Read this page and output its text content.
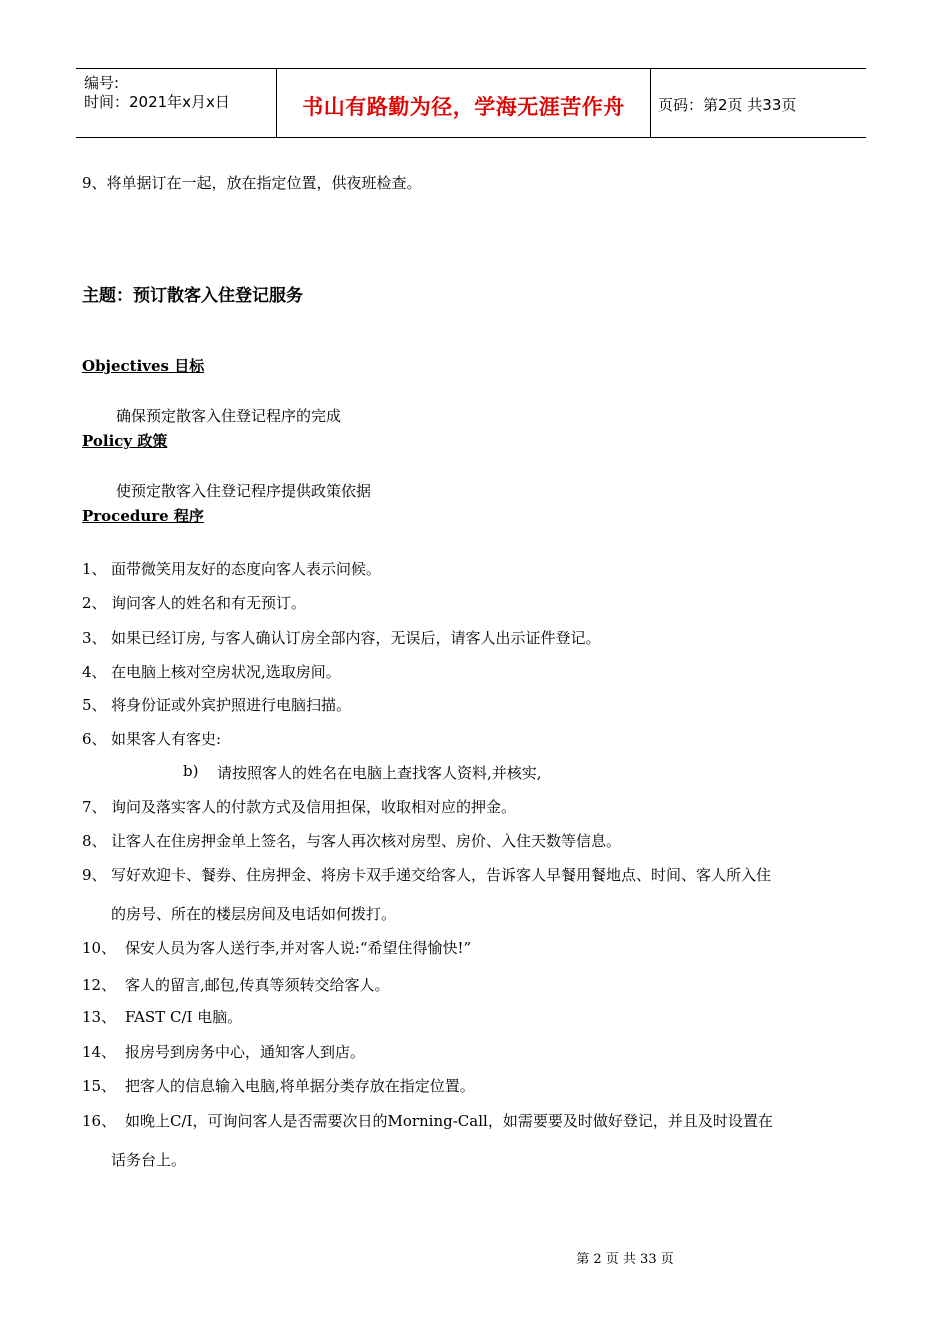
编号:
时间：2021年x月x日	书山有路勤为径，学海无涯苦作舟	页码：第2页 共33页
9、将单据订在一起，放在指定位置，供夜班检查。
主题：预订散客入住登记服务
Objectives 目标
确保预定散客入住登记程序的完成
Policy 政策
使预定散客入住登记程序提供政策依据
Procedure 程序
1、 面带微笑用友好的态度向客人表示问候。
2、 询问客人的姓名和有无预订。
3、 如果已经订房, 与客人确认订房全部内容，无误后，请客人出示证件登记。
4、 在电脑上核对空房状况,选取房间。
5、 将身份证或外宾护照进行电脑扫描。
6、 如果客人有客史:
b) 请按照客人的姓名在电脑上查找客人资料,并核实,
7、 询问及落实客人的付款方式及信用担保，收取相对应的押金。
8、 让客人在住房押金单上签名，与客人再次核对房型、房价、入住天数等信息。
9、 写好欢迎卡、餐券、住房押金、将房卡双手递交给客人，告诉客人早餐用餐地点、时间、客人所入住
的房号、所在的楼层房间及电话如何拨打。
10、 保安人员为客人送行李,并对客人说:“希望住得愉快!”
12、 客人的留言,邮包,传真等须转交给客人。
13、 FAST C/I 电脑。
14、 报房号到房务中心，通知客人到店。
15、 把客人的信息输入电脑,将单据分类存放在指定位置。
16、 如晚上C/I，可询问客人是否需要次日的Morning-Call，如需要要及时做好登记，并且及时设置在
话务台上。
第 2 页 共 33 页
